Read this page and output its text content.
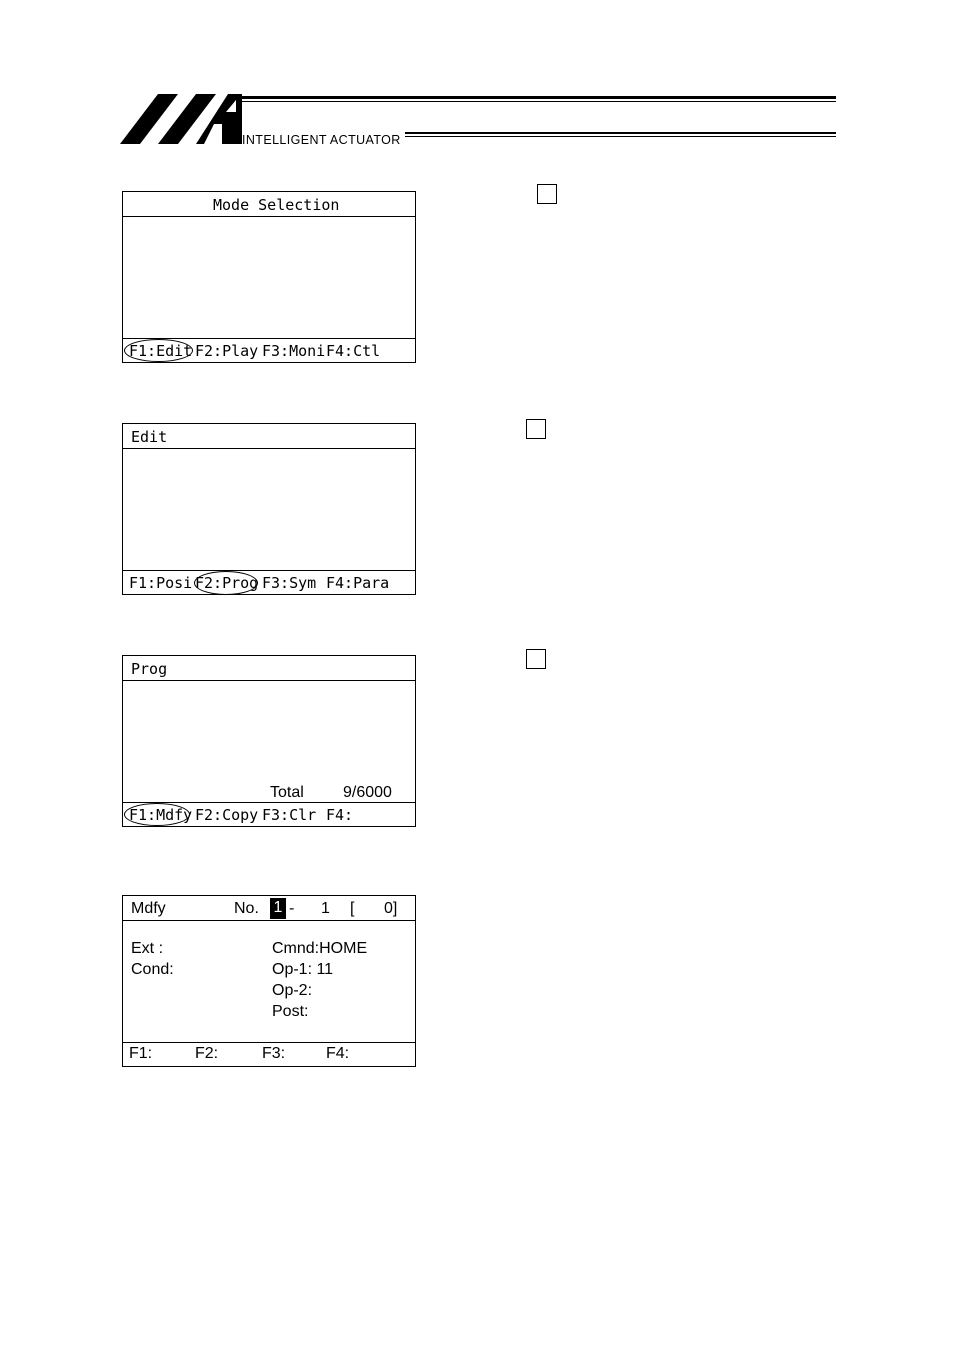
INTELLIGENT ACTUATOR
Mode Selection
F1:Edit F2:Play F3:Moni F4:Ctl
Edit
F1:Posi F2:Prog F3:Sym F4:Para
Prog
Total 9/6000
F1:Mdfy F2:Copy F3:Clr F4:
Mdfy	No. 1 - 1 [ 0]
Ext :
Cond:
Cmnd:HOME
Op-1: 11
Op-2:
Post:
F1:	F2:	F3:	F4:
